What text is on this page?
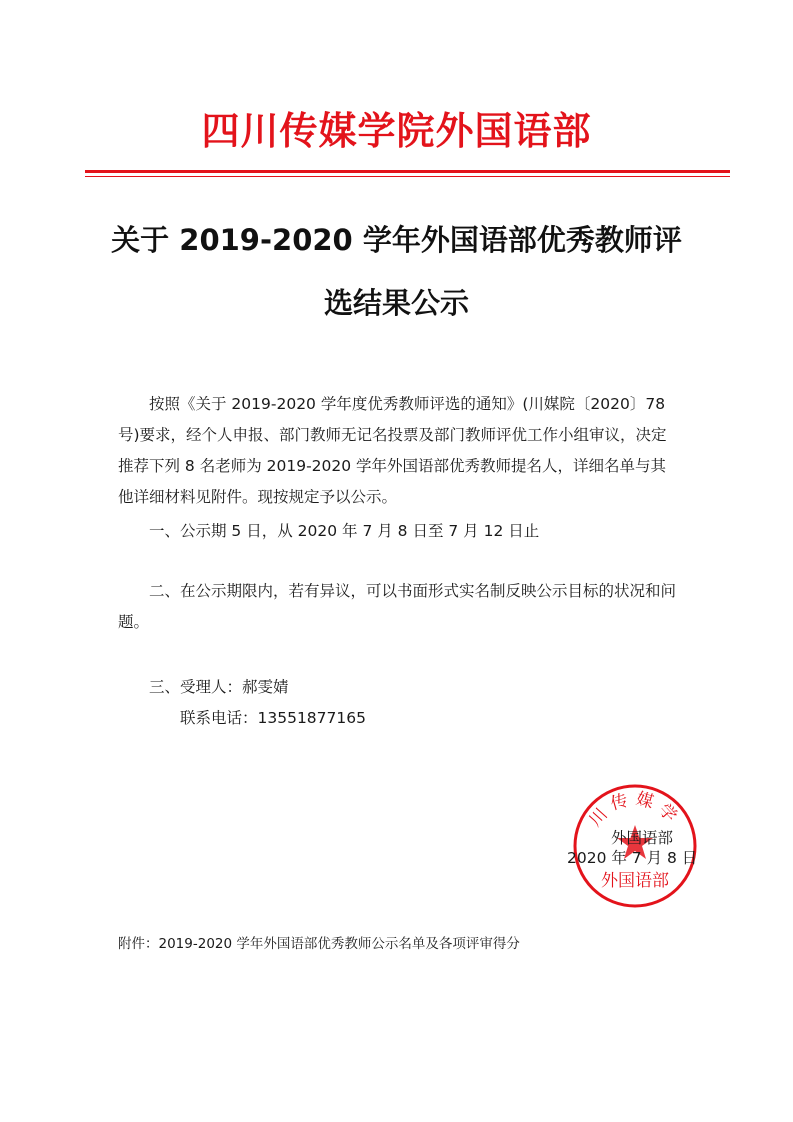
四川传媒学院外国语部
关于 2019-2020 学年外国语部优秀教师评
选结果公示

按照《关于 2019-2020 学年度优秀教师评选的通知》(川媒院〔2020〕78 号)要求，经个人申报、部门教师无记名投票及部门教师评优工作小组审议，决定推荐下列 8 名老师为 2019-2020 学年外国语部优秀教师提名人，详细名单与其他详细材料见附件。现按规定予以公示。

一、公示期 5 日，从 2020 年 7 月 8 日至 7 月 12 日止

二、在公示期限内，若有异议，可以书面形式实名制反映公示目标的状况和问题。

三、受理人：郝雯婧
联系电话：13551877165
川传媒学
外国语部
外国语部
2020 年 7 月 8 日
附件：2019-2020 学年外国语部优秀教师公示名单及各项评审得分
